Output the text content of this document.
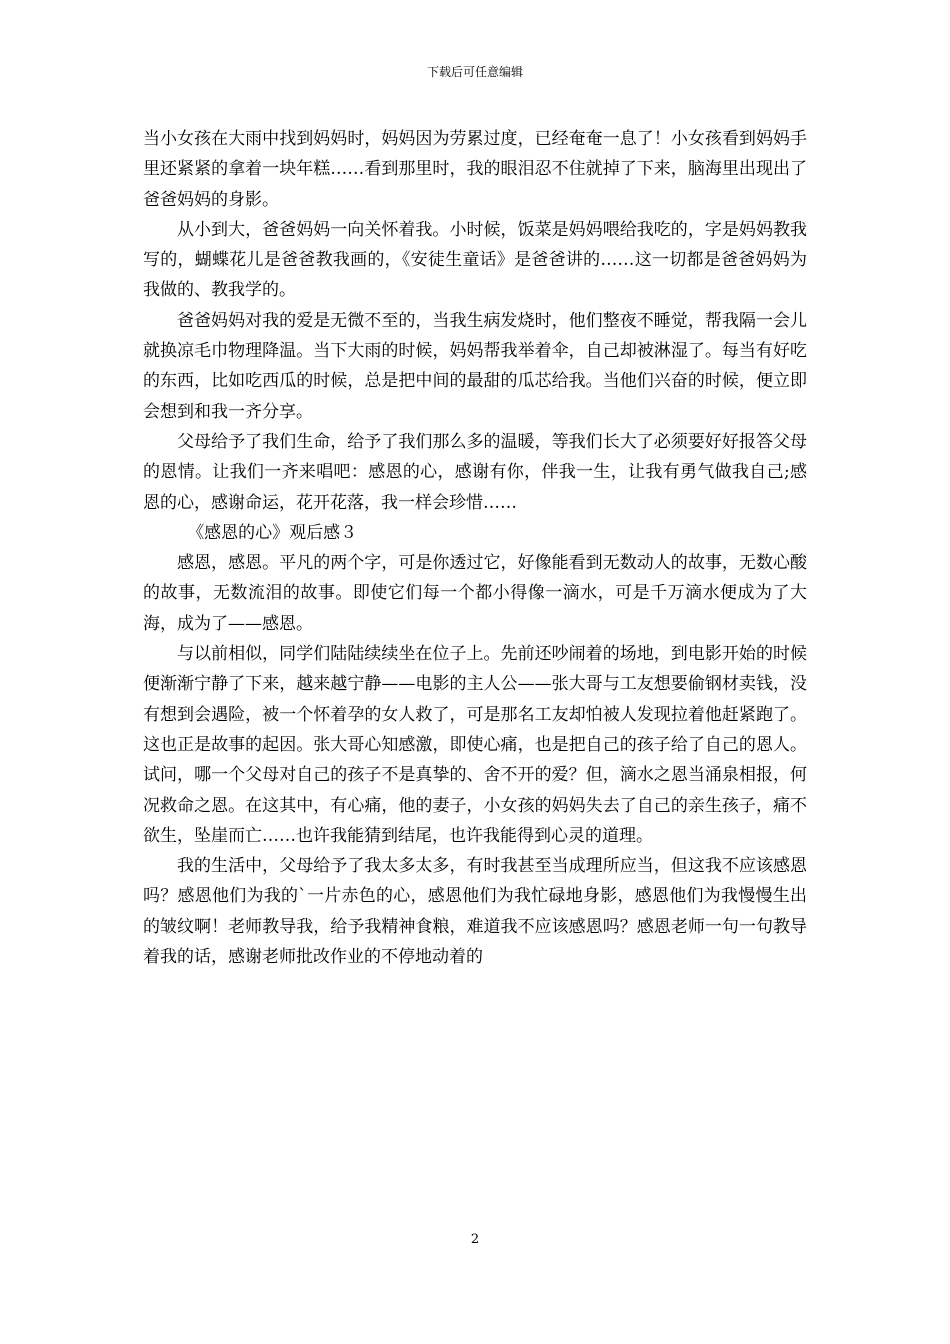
下载后可任意编辑

当小女孩在大雨中找到妈妈时，妈妈因为劳累过度，已经奄奄一息了！小女孩看到妈妈手里还紧紧的拿着一块年糕……看到那里时，我的眼泪忍不住就掉了下来，脑海里出现出了爸爸妈妈的身影。

从小到大，爸爸妈妈一向关怀着我。小时候，饭菜是妈妈喂给我吃的，字是妈妈教我写的，蝴蝶花儿是爸爸教我画的，《安徒生童话》是爸爸讲的……这一切都是爸爸妈妈为我做的、教我学的。

爸爸妈妈对我的爱是无微不至的，当我生病发烧时，他们整夜不睡觉，帮我隔一会儿就换凉毛巾物理降温。当下大雨的时候，妈妈帮我举着伞，自己却被淋湿了。每当有好吃的东西，比如吃西瓜的时候，总是把中间的最甜的瓜芯给我。当他们兴奋的时候，便立即会想到和我一齐分享。

父母给予了我们生命，给予了我们那么多的温暖，等我们长大了必须要好好报答父母的恩情。让我们一齐来唱吧：感恩的心，感谢有你，伴我一生，让我有勇气做我自己;感恩的心，感谢命运，花开花落，我一样会珍惜……

《感恩的心》观后感３

感恩，感恩。平凡的两个字，可是你透过它，好像能看到无数动人的故事，无数心酸的故事，无数流泪的故事。即使它们每一个都小得像一滴水，可是千万滴水便成为了大海，成为了——感恩。

与以前相似，同学们陆陆续续坐在位子上。先前还吵闹着的场地，到电影开始的时候便渐渐宁静了下来，越来越宁静——电影的主人公——张大哥与工友想要偷钢材卖钱，没有想到会遇险，被一个怀着孕的女人救了，可是那名工友却怕被人发现拉着他赶紧跑了。这也正是故事的起因。张大哥心知感激，即使心痛，也是把自己的孩子给了自己的恩人。试问，哪一个父母对自己的孩子不是真挚的、舍不开的爱？但，滴水之恩当涌泉相报，何况救命之恩。在这其中，有心痛，他的妻子，小女孩的妈妈失去了自己的亲生孩子，痛不欲生，坠崖而亡……也许我能猜到结尾，也许我能得到心灵的道理。

我的生活中，父母给予了我太多太多，有时我甚至当成理所应当，但这我不应该感恩吗？感恩他们为我的`一片赤色的心，感恩他们为我忙碌地身影，感恩他们为我慢慢生出的皱纹啊！老师教导我，给予我精神食粮，难道我不应该感恩吗？感恩老师一句一句教导着我的话，感谢老师批改作业的不停地动着的

2
